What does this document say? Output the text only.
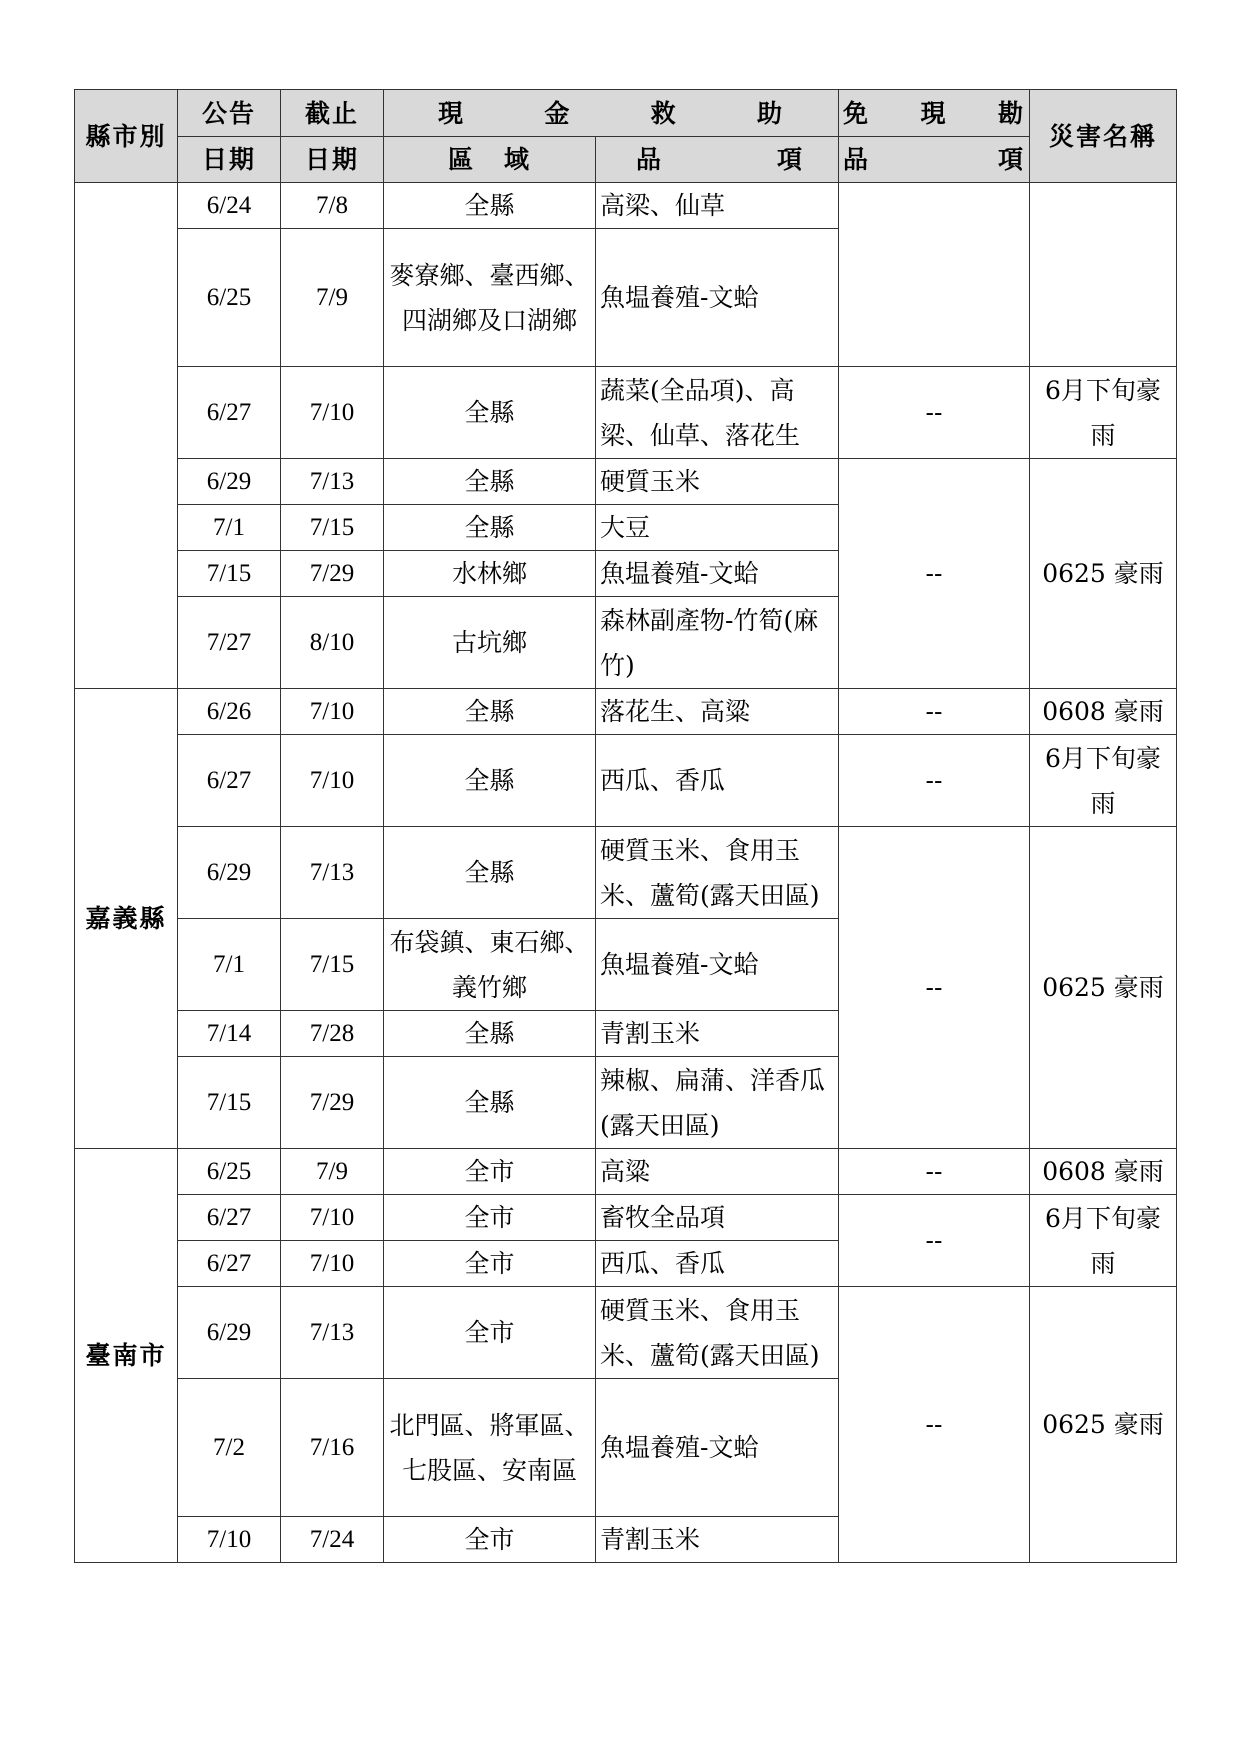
縣市別	公告	截止	現 金 救 助		免 現 勘	災害名稱
	日期	日期	區 域	品 項	品 項	

	6/24	7/8	全縣	高梁、仙草		
	6/25	7/9	麥寮鄉、臺西鄉、四湖鄉及口湖鄉	魚塭養殖-文蛤		
	6/27	7/10	全縣	蔬菜(全品項)、高梁、仙草、落花生	--	6月下旬豪雨
	6/29	7/13	全縣	硬質玉米	--	0625 豪雨
	7/1	7/15	全縣	大豆		
	7/15	7/29	水林鄉	魚塭養殖-文蛤		
	7/27	8/10	古坑鄉	森林副產物-竹筍(麻竹)		
嘉義縣	6/26	7/10	全縣	落花生、高粱	--	0608 豪雨
	6/27	7/10	全縣	西瓜、香瓜	--	6月下旬豪雨
	6/29	7/13	全縣	硬質玉米、食用玉米、蘆筍(露天田區)	--	0625 豪雨
	7/1	7/15	布袋鎮、東石鄉、義竹鄉	魚塭養殖-文蛤		
	7/14	7/28	全縣	青割玉米		
	7/15	7/29	全縣	辣椒、扁蒲、洋香瓜(露天田區)		
臺南市	6/25	7/9	全市	高粱	--	0608 豪雨
	6/27	7/10	全市	畜牧全品項	--	6月下旬豪雨
	6/27	7/10	全市	西瓜、香瓜		
	6/29	7/13	全市	硬質玉米、食用玉米、蘆筍(露天田區)	--	0625 豪雨
	7/2	7/16	北門區、將軍區、七股區、安南區	魚塭養殖-文蛤		
	7/10	7/24	全市	青割玉米		
